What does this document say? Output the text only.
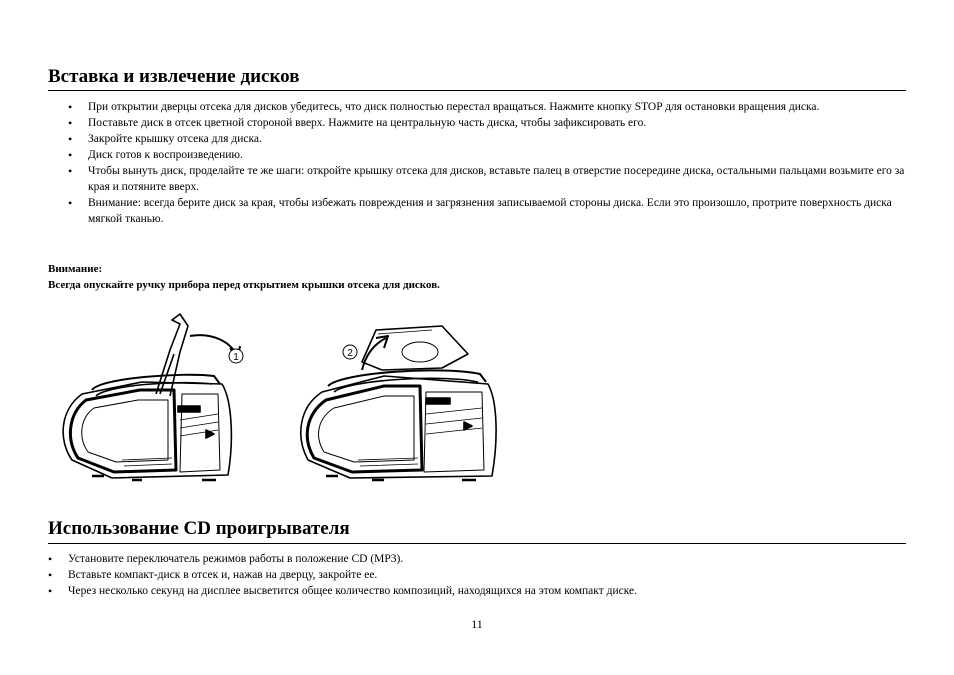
Вставка и извлечение дисков
• При открытии дверцы отсека для дисков убедитесь, что диск полностью перестал вращаться. Нажмите кнопку STOP для остановки вращения диска.
• Поставьте диск в отсек цветной стороной вверх. Нажмите на центральную часть диска, чтобы зафиксировать его.
• Закройте крышку отсека для диска.
• Диск готов к воспроизведению.
• Чтобы вынуть диск, проделайте те же шаги: откройте крышку отсека для дисков, вставьте палец в отверстие посередине диска, остальными пальцами возьмите его за края и потяните вверх.
• Внимание: всегда берите диск за края, чтобы избежать повреждения и загрязнения записываемой стороны диска. Если это произошло, протрите поверхность диска мягкой тканью.
Внимание:
Всегда опускайте ручку прибора перед открытием крышки отсека для дисков.
1	2
Использование CD проигрывателя
• Установите переключатель режимов работы в положение CD (MP3).
• Вставьте компакт-диск в отсек и, нажав на дверцу, закройте ее.
• Через несколько секунд на дисплее высветится общее количество композиций, находящихся на этом компакт диске.
11
